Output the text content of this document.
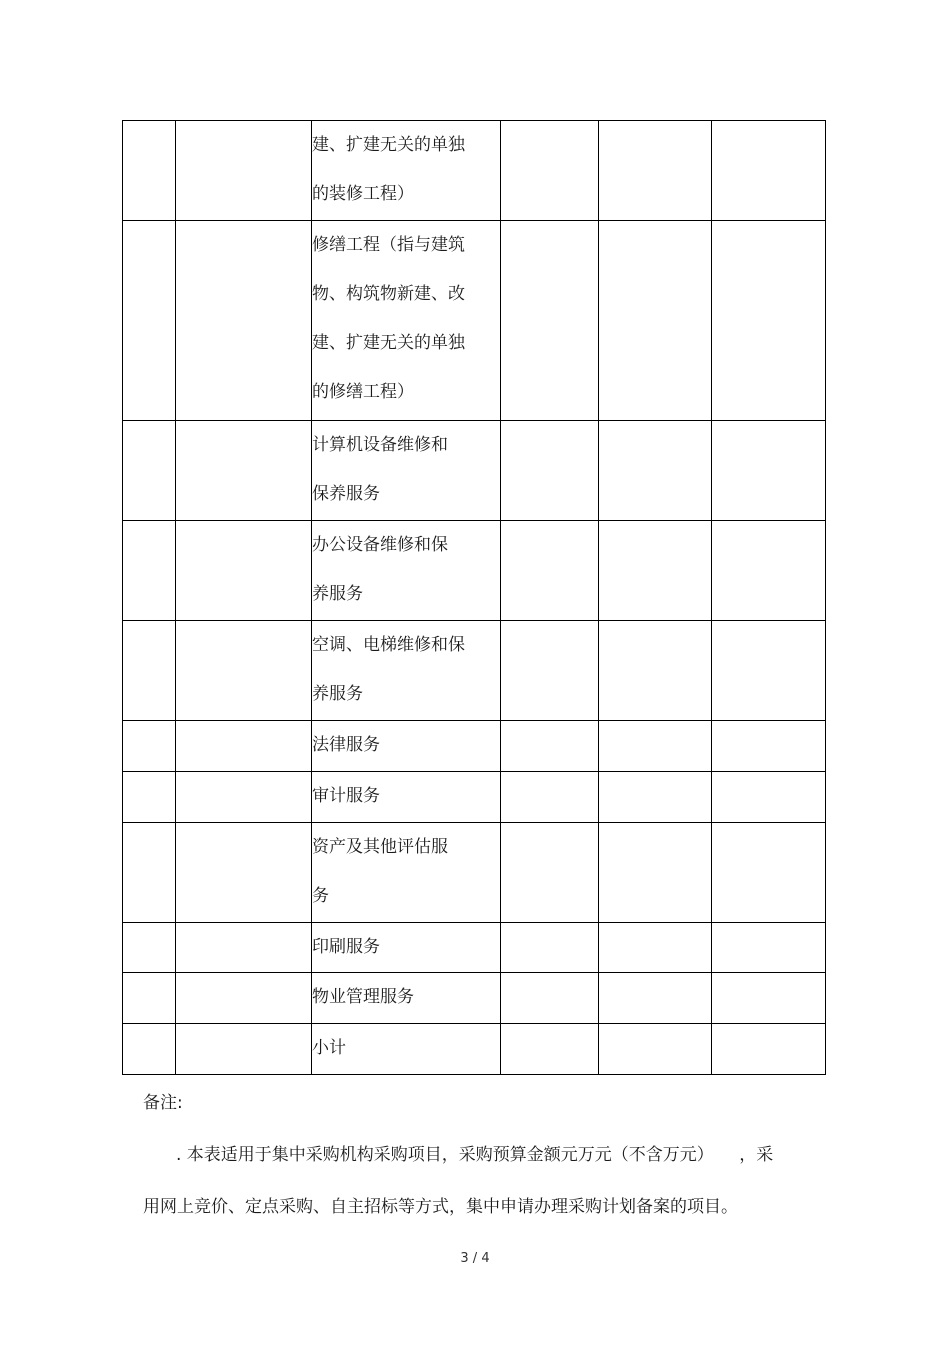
		建、扩建无关的单独
的装修工程）			

		修缮工程（指与建筑
物、构筑物新建、改
建、扩建无关的单独
的修缮工程）			

		计算机设备维修和
保养服务			

		办公设备维修和保
养服务			

		空调、电梯维修和保
养服务			

		法律服务			

		审计服务			

		资产及其他评估服
务			

		印刷服务			

		物业管理服务			

		小计			

备注:
. 本表适用于集中采购机构采购项目，采购预算金额元万元（不含万元）　　，采
用网上竞价、定点采购、自主招标等方式，集中申请办理采购计划备案的项目。
3 / 4
